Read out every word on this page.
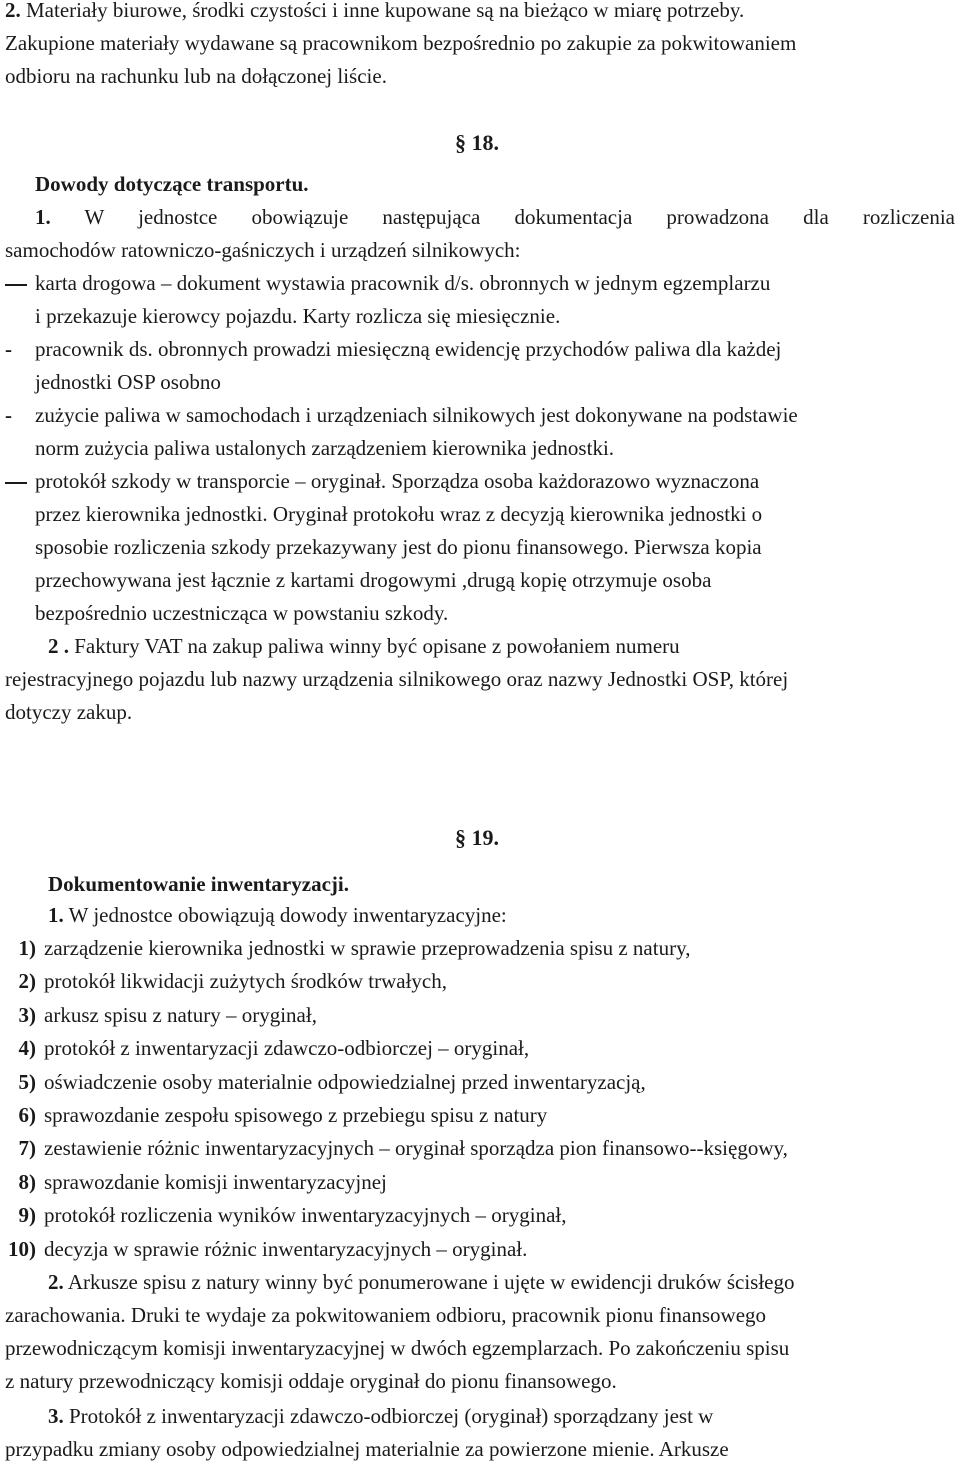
2. Materiały biurowe, środki czystości i inne kupowane są na bieżąco w miarę potrzeby.
Zakupione materiały wydawane są pracownikom bezpośrednio po zakupie za pokwitowaniem
odbioru na rachunku lub na dołączonej liście.
§ 18.
Dowody dotyczące transportu.
1. W jednostce obowiązuje następująca dokumentacja prowadzona dla rozliczenia
samochodów ratowniczo-gaśniczych i urządzeń silnikowych:
karta drogowa – dokument wystawia pracownik d/s. obronnych w jednym egzemplarzu
i przekazuje kierowcy pojazdu. Karty rozlicza się miesięcznie.
- pracownik ds. obronnych prowadzi miesięczną ewidencję przychodów paliwa dla każdej
jednostki OSP osobno
- zużycie paliwa w samochodach i urządzeniach silnikowych jest dokonywane na podstawie
norm zużycia paliwa ustalonych zarządzeniem kierownika jednostki.
protokół szkody w transporcie – oryginał. Sporządza osoba każdorazowo wyznaczona
przez kierownika jednostki. Oryginał protokołu wraz z decyzją kierownika jednostki o
sposobie rozliczenia szkody przekazywany jest do pionu finansowego. Pierwsza kopia
przechowywana jest łącznie z kartami drogowymi ,drugą kopię otrzymuje osoba
bezpośrednio uczestnicząca w powstaniu szkody.
2 . Faktury VAT na zakup paliwa winny być opisane z powołaniem numeru
rejestracyjnego pojazdu lub nazwy urządzenia silnikowego oraz nazwy Jednostki OSP, której
dotyczy zakup.
§ 19.
Dokumentowanie inwentaryzacji.
1. W jednostce obowiązują dowody inwentaryzacyjne:
1) zarządzenie kierownika jednostki w sprawie przeprowadzenia spisu z natury,
2) protokół likwidacji zużytych środków trwałych,
3) arkusz spisu z natury – oryginał,
4) protokół z inwentaryzacji zdawczo-odbiorczej – oryginał,
5) oświadczenie osoby materialnie odpowiedzialnej przed inwentaryzacją,
6) sprawozdanie zespołu spisowego z przebiegu spisu z natury
7) zestawienie różnic inwentaryzacyjnych – oryginał sporządza pion finansowo--księgowy,
8) sprawozdanie komisji inwentaryzacyjnej
9) protokół rozliczenia wyników inwentaryzacyjnych – oryginał,
10) decyzja w sprawie różnic inwentaryzacyjnych – oryginał.
2. Arkusze spisu z natury winny być ponumerowane i ujęte w ewidencji druków ścisłego
zarachowania. Druki te wydaje za pokwitowaniem odbioru, pracownik pionu finansowego
przewodniczącym komisji inwentaryzacyjnej w dwóch egzemplarzach. Po zakończeniu spisu
z natury przewodniczący komisji oddaje oryginał do pionu finansowego.
3. Protokół z inwentaryzacji zdawczo-odbiorczej (oryginał) sporządzany jest w
przypadku zmiany osoby odpowiedzialnej materialnie za powierzone mienie. Arkusze
